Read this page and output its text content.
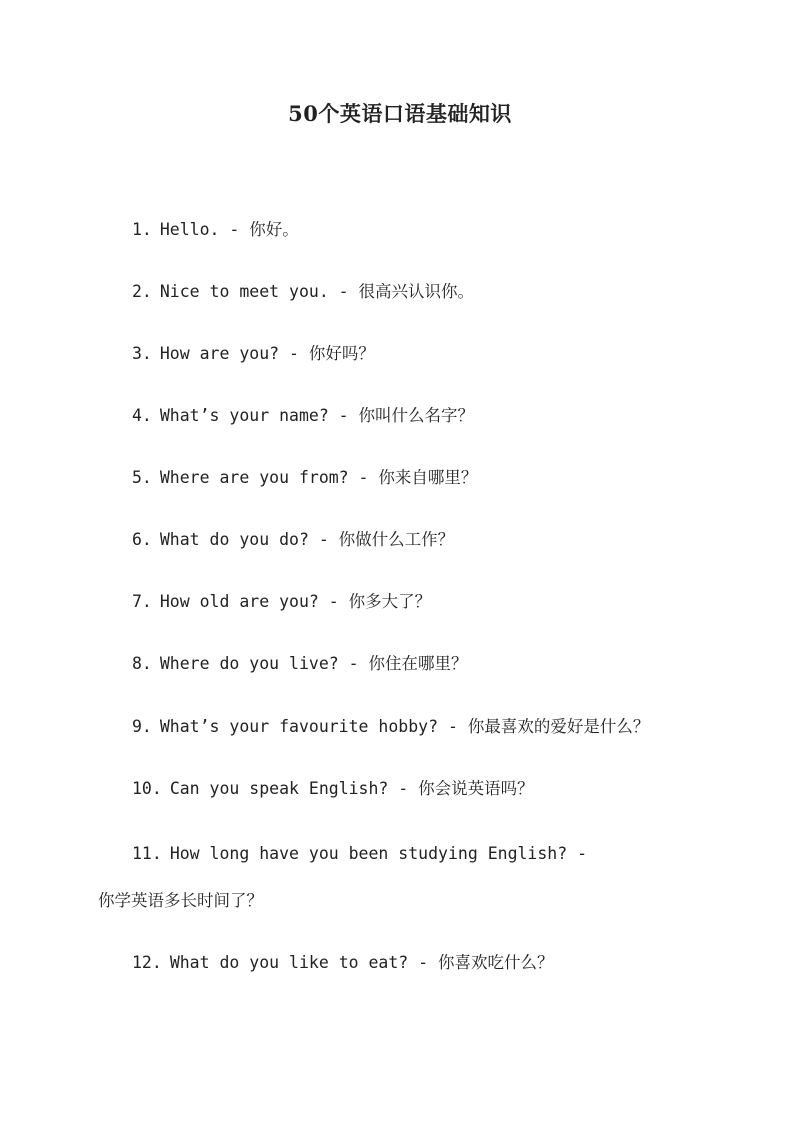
50个英语口语基础知识
1. Hello. - 你好。
2. Nice to meet you. - 很高兴认识你。
3. How are you? - 你好吗？
4. What’s your name? - 你叫什么名字？
5. Where are you from? - 你来自哪里？
6. What do you do? - 你做什么工作？
7. How old are you? - 你多大了？
8. Where do you live? - 你住在哪里？
9. What’s your favourite hobby? - 你最喜欢的爱好是什么？
10. Can you speak English? - 你会说英语吗？
11. How long have you been studying English? - 你学英语多长时间了？
12. What do you like to eat? - 你喜欢吃什么？
